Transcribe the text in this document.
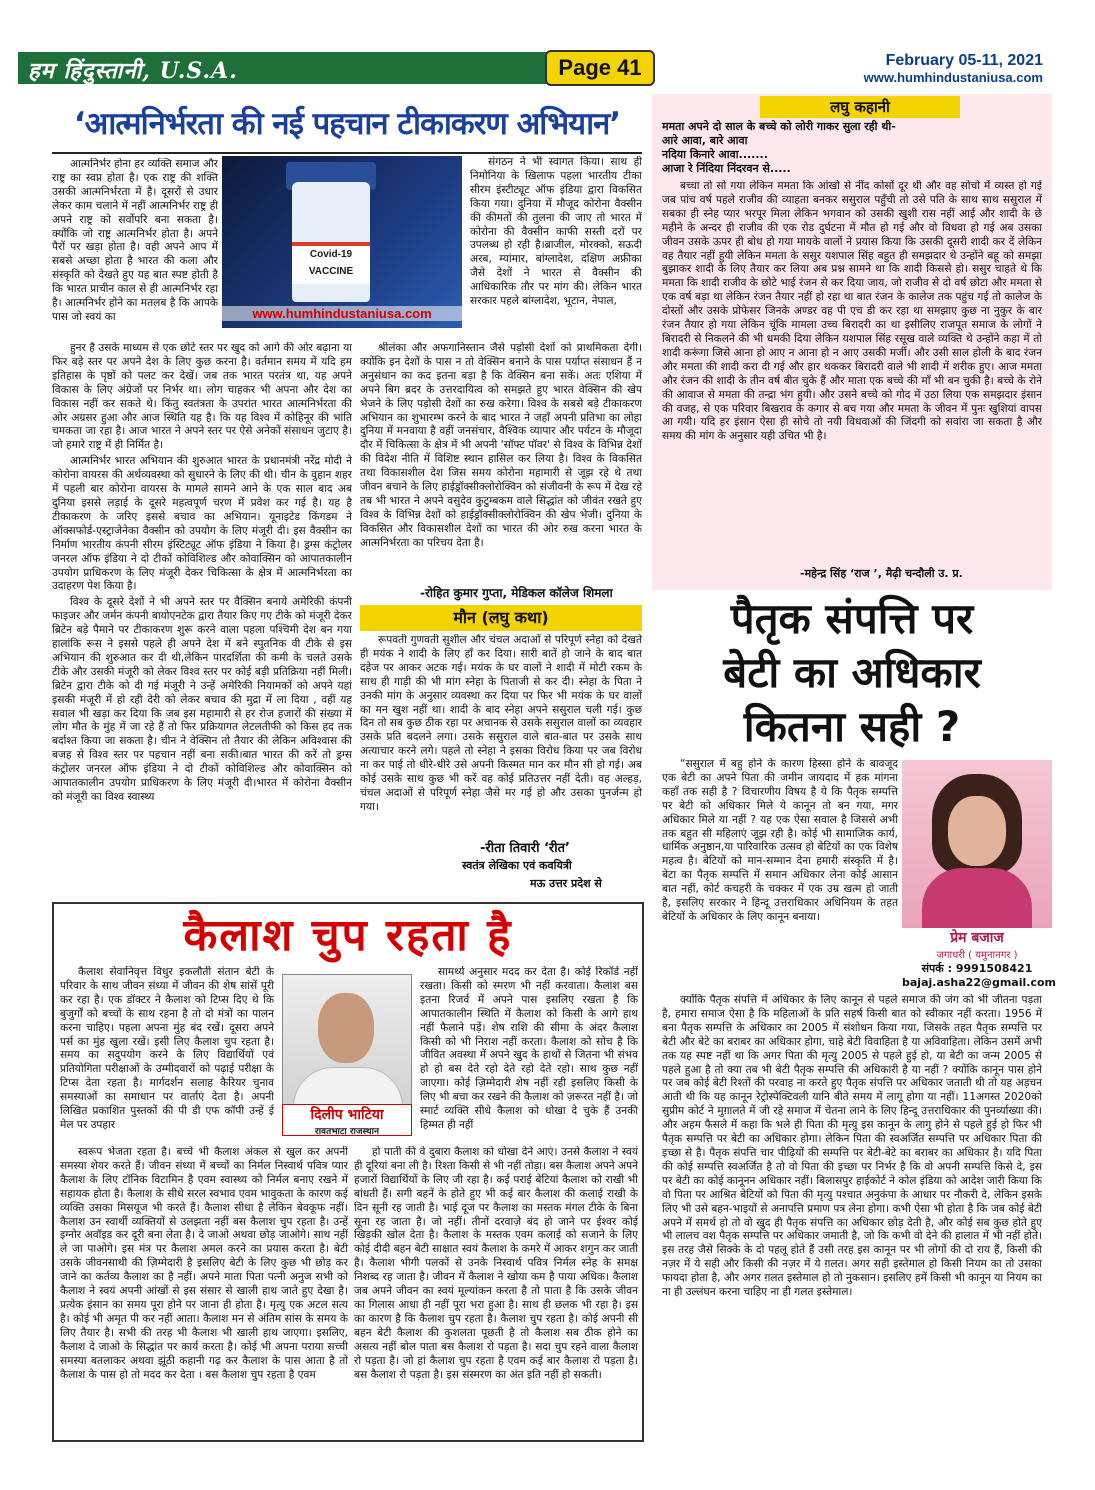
हम हिंदुस्तानी, U.S.A.	Page 41	February 05-11, 2021
www.humhindustaniusa.com
‘आत्मनिर्भरता की नई पहचान टीकाकरण अभियान’

आत्मनिर्भर होना हर व्यक्ति समाज और राष्ट्र का स्वप्न होता है। एक राष्ट्र की शक्ति उसकी आत्मनिर्भरता में है। दूसरों से उधार लेकर काम चलाने में नहीं आत्मनिर्भर राष्ट्र ही अपने राष्ट्र को सर्वोपरि बना सकता है। क्योंकि जो राष्ट्र आत्मनिर्भर होता है। अपने पैरों पर खड़ा होता है। वही अपने आप में सबसे अच्छा होता है भारत की कला और संस्कृति को देखते हुए यह बात स्पष्ट होती है कि भारत प्राचीन काल से ही आत्मनिर्भर रहा है। आत्मनिर्भर होने का मतलब है कि आपके पास जो स्वयं का

Covid-19
VACCINE
www.humhindustaniusa.com

हुनर है उसके माध्यम से एक छोटे स्तर पर खुद को आगे की ओर बढ़ाना या फिर बड़े स्तर पर अपने देश के लिए कुछ करना है। वर्तमान समय में यदि हम इतिहास के पृष्ठों को पलट कर देखें। जब तक भारत परतंत्र था, यह अपने विकास के लिए अंग्रेजों पर निर्भर था। लोग चाहकर भी अपना और देश का विकास नहीं कर सकते थे। किंतु स्वतंत्रता के उपरांत भारत आत्मनिर्भरता की ओर अग्रसर हुआ और आज स्थिति यह है। कि यह विश्व में कोहिनूर की भांति चमकता जा रहा है। आज भारत ने अपने स्तर पर ऐसे अनेकों संसाधन जुटाए है। जो हमारे राष्ट्र में ही निर्मित है।

आत्मनिर्भर भारत अभियान की शुरुआत भारत के प्रधानमंत्री नरेंद्र मोदी ने कोरोना वायरस की अर्थव्यवस्था को सुधारने के लिए की थी। चीन के वुहान शहर में पहली बार कोरोना वायरस के मामले सामने आने के एक साल बाद अब दुनिया इससे लड़ाई के दूसरे महत्वपूर्ण चरण में प्रवेश कर गई है। यह है टीकाकरण के जरिए इससे बचाव का अभियान। यूनाइटेड किंगडम ने ऑक्सफोर्ड-एस्ट्राजेनेका वैक्सीन को उपयोग के लिए मंजूरी दी। इस वैक्सीन का निर्माण भारतीय कंपनी सीरम इंस्टिट्यूट ऑफ इंडिया ने किया है। ड्रग्स कंट्रोलर जनरल ऑफ इंडिया ने दो टीकों कोविशिल्ड और कोवाक्सिन को आपातकालीन उपयोग प्राधिकरण के लिए मंजूरी देकर चिकित्सा के क्षेत्र में आत्मनिर्भरता का उदाहरण पेश किया है।

विश्व के दूसरे देशों ने भी अपने स्तर पर वैक्सिन बनाये अमेरिकी कंपनी फाइजर और जर्मन कंपनी बायोएनटेक द्वारा तैयार किए गए टीके को मंजूरी देकर ब्रिटेन बड़े पैमाने पर टीकाकरण शुरू करने वाला पहला पश्चिमी देश बन गया हालांकि रूस ने इससे पहले ही अपने देश में बने स्पुतनिक वी टीके से इस अभियान की शुरुआत कर दी थी,लेकिन पारदर्शिता की कमी के चलते उसके टीके और उसकी मंजूरी को लेकर विश्व स्तर पर कोई बड़ी प्रतिक्रिया नहीं मिली। ब्रिटेन द्वारा टीके को दी गई मंजूरी ने उन्हें अमेरिकी नियामकों को अपने यहां इसकी मंजूरी में हो रही देरी को लेकर बचाव की मुद्रा में ला दिया , वहीं यह सवाल भी खड़ा कर दिया कि जब इस महामारी से हर रोज हजारों की संख्या में लोग मौत के मुंह में जा रहे हैं तो फिर प्रक्रियागत लेटलतीफी को किस हद तक बर्दाश्त किया जा सकता है। चीन ने वेक्सिन तो तैयार की लेकिन अविश्वास की बजह से विश्व स्तर पर पहचान नहीं बना सकी।बात भारत की करें तो ड्रग्स कंट्रोलर जनरल ऑफ इंडिया ने दो टीकों कोविशिल्ड और कोवाक्सिन को आपातकालीन उपयोग प्राधिकरण के लिए मंजूरी दी।भारत में कोरोना वैक्सीन को मंजूरी का विश्व स्वास्थ्य

संगठन ने भी स्वागत किया। साथ ही निमोनिया के खिलाफ पहला भारतीय टीका सीरम इंस्टीट्यूट ऑफ इंडिया द्वारा विकसित किया गया। दुनिया में मौजूद कोरोना वैक्सीन की कीमतों की तुलना की जाए तो भारत में कोरोना की वैक्सीन काफी सस्ती दरों पर उपलब्ध हो रही है।ब्राजील, मोरक्को, सऊदी अरब, म्यांमार, बांग्लादेश, दक्षिण अफ्रीका जैसे देशों ने भारत से वैक्सीन की आधिकारिक तौर पर मांग की। लेकिन भारत सरकार पहले बांग्लादेश, भूटान, नेपाल,

श्रीलंका और अफगानिस्तान जैसे पड़ोसी देशों को प्राथमिकता देगी। क्योंकि इन देशों के पास न तो वेक्सिन बनाने के पास पर्याप्त संसाधन हैं न अनुसंधान का कद इतना बड़ा है कि वेक्सिन बना सकें। अतः एशिया में अपने बिग ब्रदर के उत्तरदायित्व को समझते हुए भारत वेक्सिन की खेप भेजने के लिए पड़ोसी देशों का रुख करेगा। विश्व के सबसे बड़े टीकाकरण अभियान का शुभारम्भ करने के बाद भारत ने जहाँ अपनी प्रतिभा का लोहा दुनिया में मनवाया है वहीं जनसंचार, वैश्विक व्यापार और पर्यटन के मौजूदा दौर में चिकित्सा के क्षेत्र में भी अपनी 'सॉफ्ट पॉवर' से विश्व के विभिन्न देशों की विदेश नीति में विशिष्ट स्थान हासिल कर लिया है। विश्व के विकसित तथा विकासशील देश जिस समय कोरोना महामारी से जूझ रहे थे तथा जीवन बचाने के लिए हाईड्रॉक्सीक्लोरोक्विन को संजीवनी के रूप में देख रहे तब भी भारत ने अपने वसुदेव कुटुम्बकम वाले सिद्धांत को जीवंत रखते हुए विश्व के विभिन्न देशों को हाईड्रॉक्सीक्लोरोक्विन की खेप भेजी। दुनिया के विकसित और विकासशील देशों का भारत की ओर रुख करना भारत के आत्मनिर्भरता का परिचय देता है।

-रोहित कुमार गुप्ता, मेडिकल कॉलेज शिमला
मौन (लघु कथा)

रूपवती गुणवती सुशील और चंचल अदाओं से परिपूर्ण स्नेहा को देखते ही मयंक ने शादी के लिए हाँ कर दिया। सारी बातें हो जाने के बाद बात दहेज पर आकर अटक गई। मयंक के घर वालों ने शादी में मोटी रकम के साथ ही गाड़ी की भी मांग स्नेहा के पिताजी से कर दी। स्नेहा के पिता ने उनकी मांग के अनुसार व्यवस्था कर दिया पर फिर भी मयंक के घर वालों का मन खुश नहीं था। शादी के बाद स्नेहा अपने ससुराल चली गई। कुछ दिन तो सब कुछ ठीक रहा पर अचानक से उसके ससुराल वालों का व्यवहार उसके प्रति बदलने लगा। उसके ससुराल वाले बात-बात पर उसके साथ अत्याचार करने लगे। पहले तो स्नेहा ने इसका विरोध किया पर जब विरोध ना कर पाई तो धीरे-धीरे उसे अपनी किस्मत मान कर मौन सी हो गई। अब कोई उसके साथ कुछ भी करें वह कोई प्रतिउत्तर नहीं देती। वह अल्हड़, चंचल अदाओं से परिपूर्ण स्नेहा जैसे मर गई हो और उसका पुनर्जन्म हो गया।

-रीता तिवारी ‘रीत’
स्वतंत्र लेखिका एवं कवयित्री
मऊ उत्तर प्रदेश से
कैलाश चुप रहता है

कैलाश सेवानिवृत्त विधुर इकलौती संतान बेटी के परिवार के साथ जीवन संध्या में जीवन की शेष सांसें पूरी कर रहा है। एक डॉक्टर ने कैलाश को टिप्स दिए थे कि बुजुर्गों को बच्चों के साथ रहना है तो दो मंत्रों का पालन करना चाहिए। पहला अपना मुंह बंद रखें। दूसरा अपने पर्स का मुंह खुला रखें। इसी लिए कैलाश चुप रहता है। समय का सदुपयोग करने के लिए विद्यार्थियों एवं प्रतियोगिता परीक्षाओं के उम्मीदवारों को पढ़ाई परीक्षा के टिप्स देता रहता है। मार्गदर्शन सलाह कैरियर चुनाव समस्याओं का समाधान पर वार्ताएं देता है। अपनी लिखित प्रकाशित पुस्तकों की पी डी एफ कॉपी उन्हें ई मेल पर उपहार

दिलीप भाटिया
रावतभाटा राजस्थान

स्वरूप भेजता रहता है। बच्चे भी कैलाश अंकल से खुल कर अपनी समस्या शेयर करते हैं। जीवन संध्या में बच्चों का निर्मल निस्वार्थ पवित्र प्यार कैलाश के लिए टॉनिक विटामिन है एवम स्वास्थ्य को निर्मल बनाए रखने में सहायक होता है। कैलाश के सीधे सरल स्वभाव एवम भावुकता के कारण कई व्यक्ति उसका मिसयूज भी करते हैं। कैलाश सीधा है लेकिन बेवकूफ नहीं। कैलाश उन स्वार्थी व्यक्तियों से उलझता नहीं बस कैलाश चुप रहता है। उन्हें इग्नोर अवॉइड कर दूरी बना लेता है। दे जाओ अथवा छोड़ जाओगे। साथ नहीं ले जा पाओगे। इस मंत्र पर कैलाश अमल करने का प्रयास करता है। बेटी उसके जीवनसाथी की ज़िम्मेदारी है इसलिए बेटी के लिए कुछ भी छोड़ कर जाने का कर्तव्य कैलाश का है नहीं। अपने माता पिता पत्नी अनुज सभी को कैलाश ने स्वयं अपनी आंखों से इस संसार से खाली हाथ जाते हुए देखा है। प्रत्येक इंसान का समय पूरा होने पर जाना ही होता है। मृत्यु एक अटल सत्य है। कोई भी अमृत पी कर नहीं आता। कैलाश मन से अंतिम सांस के समय के लिए तैयार है। सभी की तरह भी कैलाश भी खाली हाथ जाएगा। इसलिए, कैलाश दे जाओ के सिद्धांत पर कार्य करता है। कोई भी अपना पराया सच्ची समस्या बतलाकर अथवा झूंठी कहानी गढ़ कर कैलाश के पास आता है तो कैलाश के पास हो तो मदद कर देता । बस कैलाश चुप रहता है एवम

सामर्थ्य अनुसार मदद कर देता है। कोई रिकॉर्ड नहीं रखता। किसी को स्मरण भी नहीं करवाता। कैलाश बस इतना रिजर्व में अपने पास इसलिए रखता है कि आपातकालीन स्थिति में कैलाश को किसी के आगे हाथ नहीं फैलाने पड़ें। शेष राशि की सीमा के अंदर कैलाश किसी को भी निराश नहीं करता। कैलाश को सोच है कि जीवित अवस्था में अपने खुद के हाथों से जितना भी संभव हो हो बस देते रहो देते रहो देते रहो। साथ कुछ नहीं जाएगा। कोई ज़िम्मेदारी शेष नहीं रही इसलिए किसी के लिए भी बचा कर रखने की कैलाश को ज़रूरत नहीं है। जो स्मार्ट व्यक्ति सीधे कैलाश को धोखा दे चुके हैं उनकी हिम्मत ही नहीं

हो पाती की वे दुबारा कैलाश को धोखा देने आएं। उनसे कैलाश ने स्वयं ही दूरियां बना ली है। रिश्ता किसी से भी नहीं तोड़ा। बस कैलाश अपने अपने हजारों विद्यार्थियों के लिए जी रहा है। कई पराई बेटियां कैलाश को राखी भी बांधती हैं। सगी बहनें के होते हुए भी कई बार कैलाश की कलाई राखी के दिन सूनी रह जाती है। भाई दूज पर कैलाश का मस्तक मंगल टीके के बिना सूना रह जाता है। जो नहीं। तीनों दरवाज़े बंद हो जाने पर ईश्वर कोई खिड़की खोल देता है। कैलाश के मस्तक एवम कलाई को सजाने के लिए कोई दीदी बहन बेटी साक्षात स्वयं कैलाश के कमरे में आकर शगुन कर जाती है। कैलाश भीगी पलकों से उनके निस्वार्थ पवित्र निर्मल स्नेह के समक्ष निशब्द रह जाता है। जीवन में कैलाश ने खोया कम है पाया अधिक। कैलाश जब अपने जीवन का स्वयं मूल्यांकन करता है तो पाता है कि उसके जीवन का गिलास आधा ही नहीं पूरा भरा हुआ है। साथ ही छलक भी रहा है। इस का कारण है कि कैलाश चुप रहता है। कैलाश चुप रहता है। कोई अपनी सी बहन बेटी कैलाश की कुशलता पूछती है तो कैलाश सब ठीक होने का असत्य नहीं बोल पाता बस कैलाश रो पड़ता है। सदा चुप रहने वाला कैलाश रो पड़ता है। जो हां कैलाश चुप रहता है एवम कई बार कैलाश रो पड़ता है। बस कैलाश रो पड़ता है। इस संस्मरण का अंत इति नहीं हो सकती।

लघु कहानी
ममता अपने दो साल के बच्चे को लोरी गाकर सुला रही थी-
आरे आवा, बारे आवा
नदिया किनारे आवा.......
आजा रे निंदिया निंदरवन से.....

बच्चा तो सो गया लेकिन ममता कि आंखो से नींद कोसों दूर थी और वह सोचो में व्यस्त हो गई जब पांच वर्ष पहले राजीव की व्याहता बनकर ससुराल पहुँची तो उसे पति के साथ साथ ससुराल में सबका ही स्नेह प्यार भरपूर मिला लेकिन भगवान को उसकी खुशी रास नहीं आई और शादी के छे महीने के अन्दर ही राजीव की एक रोड दुर्घटना में मौत हो गई और वो विधवा हो गई अब उसका जीवन उसके ऊपर ही बोध हो गया मायके वालों ने प्रयास किया कि उसकी दूसरी शादी कर दें लेकिन वह तैयार नहीं हुयी लेकिन ममता के ससुर यशपाल सिंह बहुत ही समझदार थे उन्होंने बहू को समझा बुझाकर शादी के लिए तैयार कर लिया अब प्रश्न सामने था कि शादी किससे हो। ससुर चाहते थे कि ममता कि शादी राजीव के छोटे भाई रंजन से कर दिया जाय, जो राजीव से दो वर्ष छोटा और ममता से एक वर्ष बड़ा था लेकिन रंजन तैयार नहीं हो रहा था बात रंजन के कालेज तक पहुंच गई तो कालेज के दोस्तों और उसके प्रोफेसर जिनके अण्डर वह पी एच डी कर रहा था समझाए कुछ ना नुकुर के बार रंजन तैयार हो गया लेकिन चूंकि मामला उच्च बिरादरी का था इसीलिए राजपूत समाज के लोगों ने बिरादरी से निकलने की भी धमकी दिया लेकिन यशपाल सिंह रसूख वाले व्यक्ति थे उन्होंने कहा में तो शादी करूंगा जिसे आना हो आए न आना हो न आए उसकी मर्जी। और उसी साल होली के बाद रंजन और ममता की शादी करा दी गई और हार थककर बिरादरी वाले भी शादी में शरीक हुए। आज ममता और रंजन की शादी के तीन वर्ष बीत चुके हैं और माता एक बच्चे की माँ भी बन चुकी है। बच्चे के रोने की आवाज से ममता की तन्द्रा भंग हुयी। और उसने बच्चे को गोद में उठा लिया एक समझदार इंसान की वजह, से एक परिवार बिखराव के कगार से बच गया और ममता के जीवन में पुनः खुशियां वापस आ गयी। यदि हर इंसान ऐसा ही सोचे तो नयी विधवाओं की जिंदगी को सवांरा जा सकता है और समय की मांग के अनुसार यही उचित भी है।

-महेन्द्र सिंह ‘राज ’, मैढ़ी चन्दौली उ. प्र.
पैतृक संपत्ति पर
बेटी का अधिकार
कितना सही ?

“ससुराल में बहु होने के कारण हिस्सा होने के बावजूद एक बेटी का अपने पिता की जमीन जायदाद में हक मांगना कहाँ तक सही है ? विचारणीय विषय है ये कि पैतृक सम्पत्ति पर बेटी को अधिकार मिले ये कानून तो बन गया, मगर अधिकार मिले या नहीं ? यह एक ऐसा सवाल है जिससे अभी तक बहुत सी महिलाएं जूझ रही है। कोई भी सामाजिक कार्य, धार्मिक अनुष्ठान,या पारिवारिक उत्सव हो बेटियों का एक विशेष महत्व है। बेटियों को मान-सम्मान देना हमारी संस्कृति में है। बेटा का पैतृक सम्पत्ति में समान अधिकार लेना कोई आसान बात नहीं, कोर्ट कचहरी के चक्कर में एक उम्र खत्म हो जाती है, इसलिए सरकार ने हिन्दू उत्तराधिकार अधिनियम के तहत बेटियों के अधिकार के लिए कानून बनाया।

प्रेम बजाज
जगाधरी ( यमुनानगर )
संपर्क : 9991508421
bajaj.asha22@gmail.com

क्योंकि पैतृक संपत्ति में अधिकार के लिए कानून से पहले समाज की जंग को भी जीतना पड़ता है, हमारा समाज ऐसा है कि महिलाओं के प्रति सहर्ष किसी बात को स्वीकार नहीं करता। 1956 में बना पैतृक सम्पत्ति के अधिकार का 2005 में संशोधन किया गया, जिसके तहत पैतृक सम्पत्ति पर बेटी और बेटे का बराबर का अधिकार होगा, चाहे बेटी विवाहिता है या अविवाहिता। लेकिन उसमें अभी तक यह स्पष्ट नहीं था कि अगर पिता की मृत्यु 2005 से पहले हुई हो, या बेटी का जन्म 2005 से पहले हुआ है तो क्या तब भी बेटी पैतृक सम्पत्ति की अधिकारी है या नहीं ? क्योंकि कानून पास होने पर जब कोई बेटी रिश्तों की परवाह ना करते हुए पैतृक संपत्ति पर अधिकार जताती थी तो यह अड़चन आती थी कि यह कानून रेट्रोस्पेक्टिवली यानि बीते समय में लागू होगा या नहीं। 11अगस्त 2020को सुप्रीम कोर्ट ने मुग़ालते में जी रहे समाज में चेतना लाने के लिए हिन्दू उत्तराधिकार की पुनर्व्याख्या की। और अहम फैसले में कहा कि भले ही पिता की मृत्यु इस कानून के लागु होने से पहले हुई हो फिर भी पैतृक सम्पत्ति पर बेटी का अधिकार होगा। लेकिन पिता की स्वअर्जित सम्पत्ति पर अधिकार पिता की इच्छा से है। पैतृक संपत्ति चार पीढ़ियों की सम्पत्ति पर बेटी-बेटे का बराबर का अधिकार है। यदि पिता की कोई सम्पत्ति स्वअर्जित है तो वो पिता की इच्छा पर निर्भर है कि वो अपनी सम्पत्ति किसे दे, इस पर बेटी का कोई कानूनन अधिकार नहीं। बिलासपुर हाईकोर्ट ने कोल इंडिया को आदेश जारी किया कि वो पिता पर आश्रित बेटियों को पिता की मृत्यु पश्चात अनुकंपा के आधार पर नौकरी दे, लेकिन इसके लिए भी उसे बहन-भाइयों से अनापत्ति प्रमाण पत्र लेना होगा। कभी ऐसा भी होता है कि जब कोई बेटी अपने में समर्थ हो तो वो खुद ही पैतृक संपत्ति का अधिकार छोड़ देती है, और कोई सब कुछ होते हुए भी लालच वश पैतृक सम्पत्ति पर अधिकार जमाती है, जो कि कभी वो देने की हालात में भी नहीं होते। इस तरह जैसे सिक्के के दो पहलू होते हैं उसी तरह इस कानून पर भी लोगों की दो राय हैं, किसी की नज़र में ये सही और किसी की नज़र में ये ग़लत। अगर सही इस्तेमाल हो किसी नियम का तो उसका फायदा होता है, और अगर ग़लत इस्तेमाल हो तो नुकसान। इसलिए हमें किसी भी कानून या नियम का ना ही उल्लंघन करना चाहिए ना ही गलत इस्तेमाल।
